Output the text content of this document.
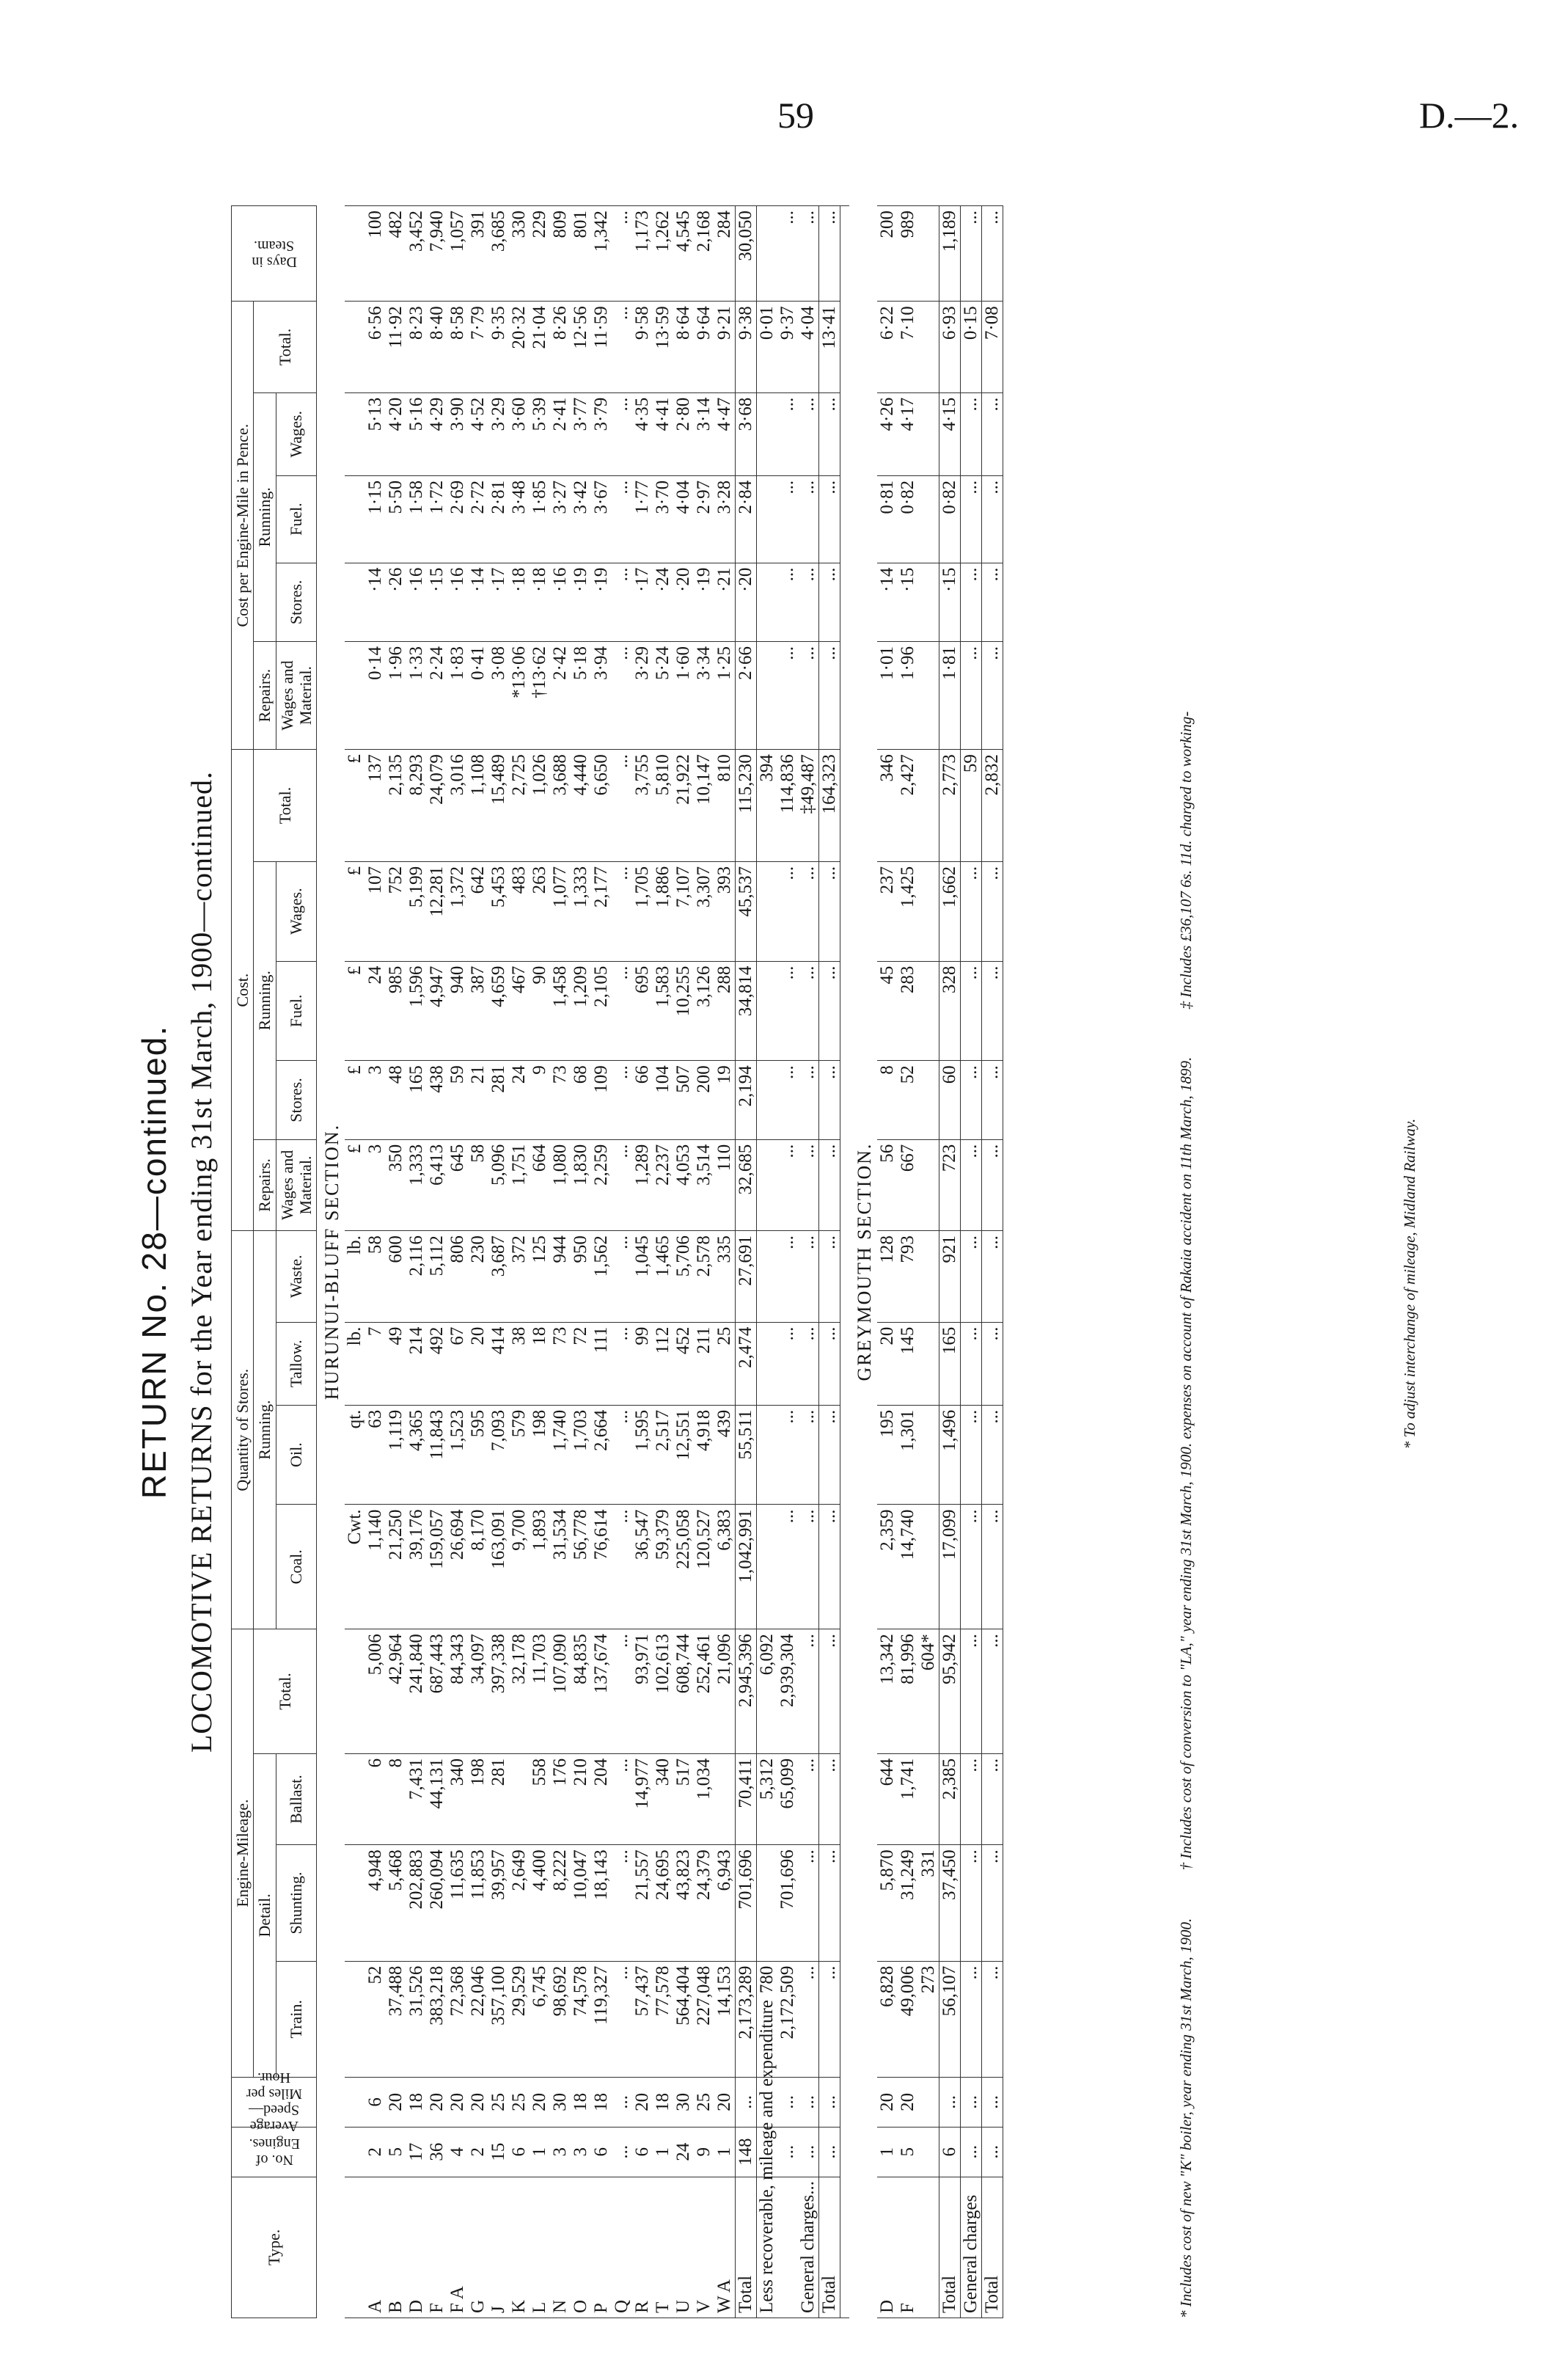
59	D.—2.
RETURN No. 28—continued. LOCOMOTIVE RETURNS for the Year ending 31st March, 1900—continued.
Type.	No. of Engines.	Average Speed—Miles per Hour.	Engine-Mileage.				Quantity of Stores.				Cost.					Cost per Engine-Mile in Pence.					Days in Steam.

			Detail.			Total.	Running.				Repairs.	Running.			Total.	Repairs.	Running.			Total.	
			Train.	Shunting.	Ballast.		Coal.	Oil.	Tallow.	Waste.	Wages and Material.	Stores.	Fuel.	Wages.		Wages and Material.	Stores.	Fuel.	Wages.		
HURUNUI-BLUFF SECTION.																					
							Cwt.	qt.	lb.	lb.	£	£	£	£	£						
A	2	6	52	4,948	6	5,006	1,140	63	7	58	3	3	24	107	137	0·14	·14	1·15	5·13	6·56	100
B	5	20	37,488	5,468	8	42,964	21,250	1,119	49	600	350	48	985	752	2,135	1·96	·26	5·50	4·20	11·92	482
D	17	18	31,526	202,883	7,431	241,840	39,176	4,365	214	2,116	1,333	165	1,596	5,199	8,293	1·33	·16	1·58	5·16	8·23	3,452
F	36	20	383,218	260,094	44,131	687,443	159,057	11,843	492	5,112	6,413	438	4,947	12,281	24,079	2·24	·15	1·72	4·29	8·40	7,940
F A	4	20	72,368	11,635	340	84,343	26,694	1,523	67	806	645	59	940	1,372	3,016	1·83	·16	2·69	3·90	8·58	1,057
G	2	20	22,046	11,853	198	34,097	8,170	595	20	230	58	21	387	642	1,108	0·41	·14	2·72	4·52	7·79	391
J	15	25	357,100	39,957	281	397,338	163,091	7,093	414	3,687	5,096	281	4,659	5,453	15,489	3·08	·17	2·81	3·29	9·35	3,685
K	6	25	29,529	2,649		32,178	9,700	579	38	372	1,751	24	467	483	2,725	*13·06	·18	3·48	3·60	20·32	330
L	1	20	6,745	4,400	558	11,703	1,893	198	18	125	664	9	90	263	1,026	†13·62	·18	1·85	5·39	21·04	229
N	3	30	98,692	8,222	176	107,090	31,534	1,740	73	944	1,080	73	1,458	1,077	3,688	2·42	·16	3·27	2·41	8·26	809
O	3	18	74,578	10,047	210	84,835	56,778	1,703	72	950	1,830	68	1,209	1,333	4,440	5·18	·19	3·42	3·77	12·56	801
P	6	18	119,327	18,143	204	137,674	76,614	2,664	111	1,562	2,259	109	2,105	2,177	6,650	3·94	·19	3·67	3·79	11·59	1,342
Q	...	...	...	...	...	...	...	...	...	...	...	...	...	...	...	...	...	...	...	...	...
R	6	20	57,437	21,557	14,977	93,971	36,547	1,595	99	1,045	1,289	66	695	1,705	3,755	3·29	·17	1·77	4·35	9·58	1,173
T	1	18	77,578	24,695	340	102,613	59,379	2,517	112	1,465	2,237	104	1,583	1,886	5,810	5·24	·24	3·70	4·41	13·59	1,262
U	24	30	564,404	43,823	517	608,744	225,058	12,551	452	5,706	4,053	507	10,255	7,107	21,922	1·60	·20	4·04	2·80	8·64	4,545
V	9	25	227,048	24,379	1,034	252,461	120,527	4,918	211	2,578	3,514	200	3,126	3,307	10,147	3·34	·19	2·97	3·14	9·64	2,168
W A	1	20	14,153	6,943		21,096	6,383	439	25	335	110	19	288	393	810	1·25	·21	3·28	4·47	9·21	284
Total	148	...	2,173,289	701,696	70,411	2,945,396	1,042,991	55,511	2,474	27,691	32,685	2,194	34,814	45,537	115,230	2·66	·20	2·84	3·68	9·38	30,050
Less recoverable, mileage and expenditure			780		5,312	6,092									394					0·01	
	...	...	2,172,509	701,696	65,099	2,939,304	...	...	...	...	...	...	...	...	114,836	...	...	...	...	9·37	...
General charges...	...	...	...	...	...	...	...	...	...	...	...	...	...	...	‡49,487	...	...	...	...	4·04	...
Total	...	...	...	...	...	...	...	...	...	...	...	...	...	...	164,323	...	...	...	...	13·41	...

GREYMOUTH SECTION.																					
D	1	20	6,828	5,870	644	13,342	2,359	195	20	128	56	8	45	237	346	1·01	·14	0·81	4·26	6·22	200
F	5	20	49,006	31,249	1,741	81,996	14,740	1,301	145	793	667	52	283	1,425	2,427	1·96	·15	0·82	4·17	7·10	989
			273	331		604*															
Total	6	...	56,107	37,450	2,385	95,942	17,099	1,496	165	921	723	60	328	1,662	2,773	1·81	·15	0·82	4·15	6·93	1,189
General charges	...	...	...	...	...	...	...	...	...	...	...	...	...	...	59	...	...	...	...	0·15	...
Total	...	...	...	...	...	...	...	...	...	...	...	...	...	...	2,832	...	...	...	...	7·08	...
* Includes cost of new "K" boiler, year ending 31st March, 1900. † Includes cost of conversion to "LA," year ending 31st March, 1900. expenses on account of Rakaia accident on 11th March, 1899. ‡ Includes £36,107 6s. 11d. charged to working-
* To adjust interchange of mileage, Midland Railway.
